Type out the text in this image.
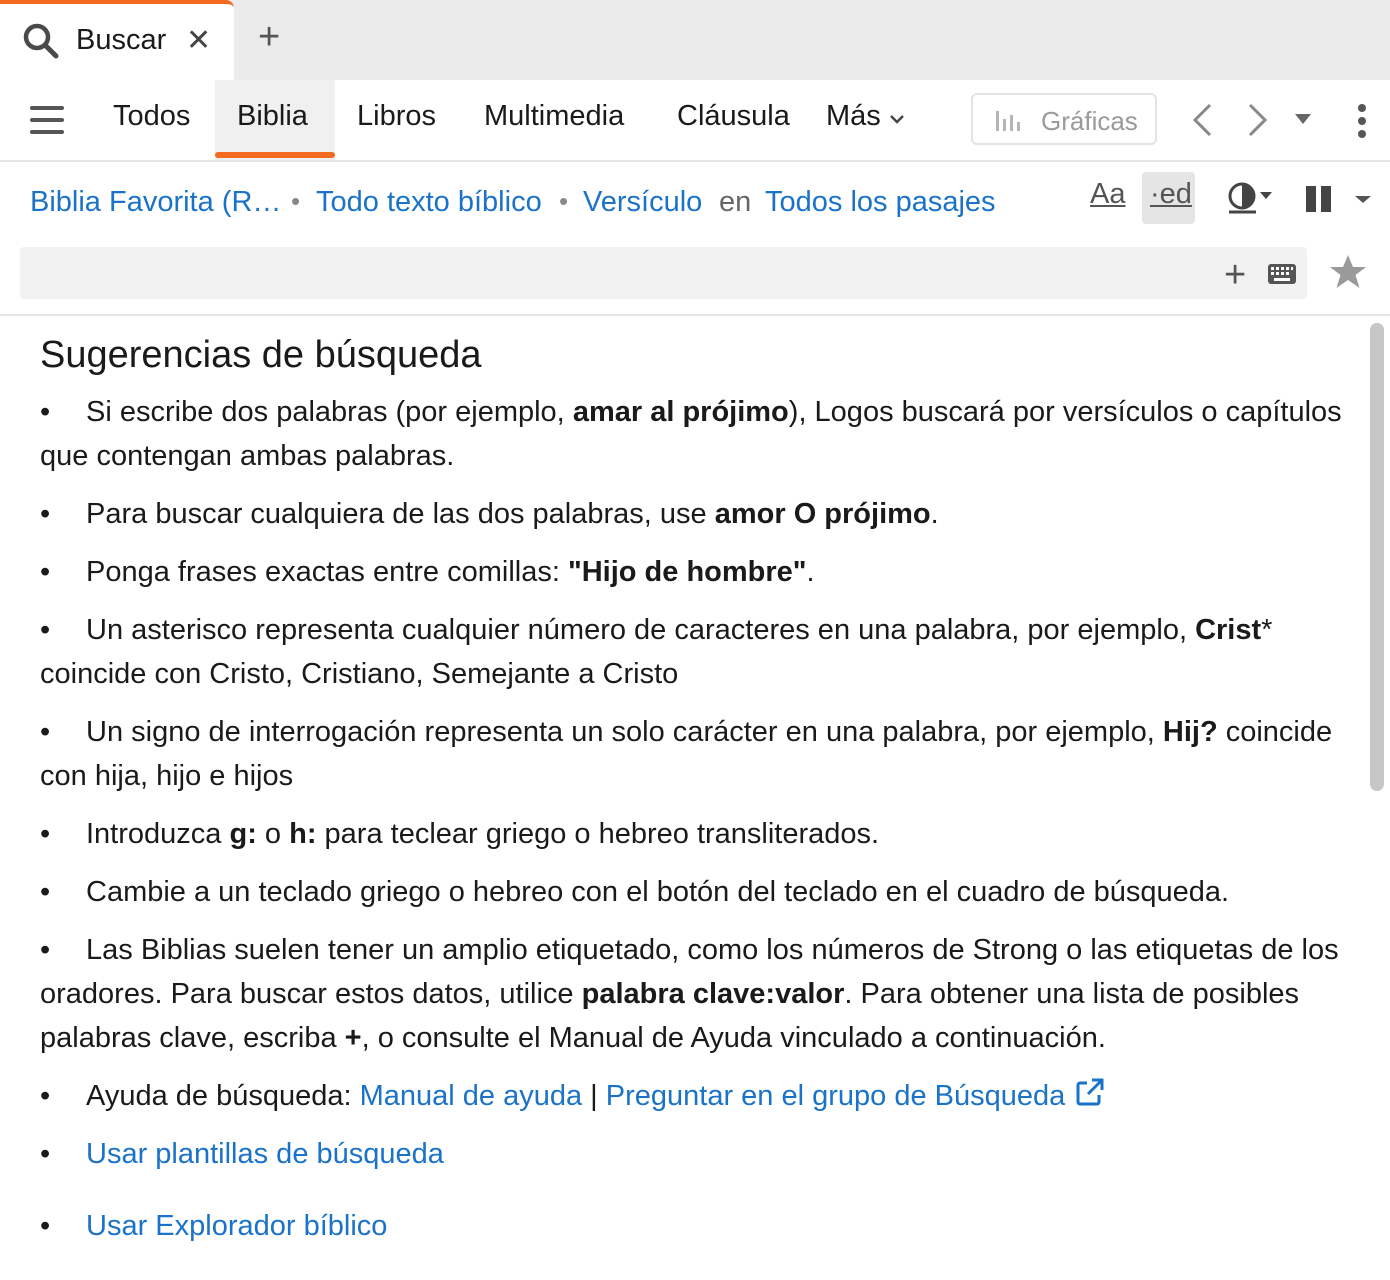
Buscar ✕ +
Todos Biblia Libros Multimedia Cláusula Más	Gráficas
Biblia Favorita (R… • Todo texto bíblico • Versículo en Todos los pasajes	Aa ·ed
+
Sugerencias de búsqueda
• Si escribe dos palabras (por ejemplo, amar al prójimo), Logos buscará por versículos o capítulos que contengan ambas palabras.
• Para buscar cualquiera de las dos palabras, use amor O prójimo.
• Ponga frases exactas entre comillas: "Hijo de hombre".
• Un asterisco representa cualquier número de caracteres en una palabra, por ejemplo, Crist* coincide con Cristo, Cristiano, Semejante a Cristo
• Un signo de interrogación representa un solo carácter en una palabra, por ejemplo, Hij? coincide con hija, hijo e hijos
• Introduzca g: o h: para teclear griego o hebreo transliterados.
• Cambie a un teclado griego o hebreo con el botón del teclado en el cuadro de búsqueda.
• Las Biblias suelen tener un amplio etiquetado, como los números de Strong o las etiquetas de los oradores. Para buscar estos datos, utilice palabra clave:valor. Para obtener una lista de posibles palabras clave, escriba +, o consulte el Manual de Ayuda vinculado a continuación.
• Ayuda de búsqueda: Manual de ayuda | Preguntar en el grupo de Búsqueda
• Usar plantillas de búsqueda
• Usar Explorador bíblico
